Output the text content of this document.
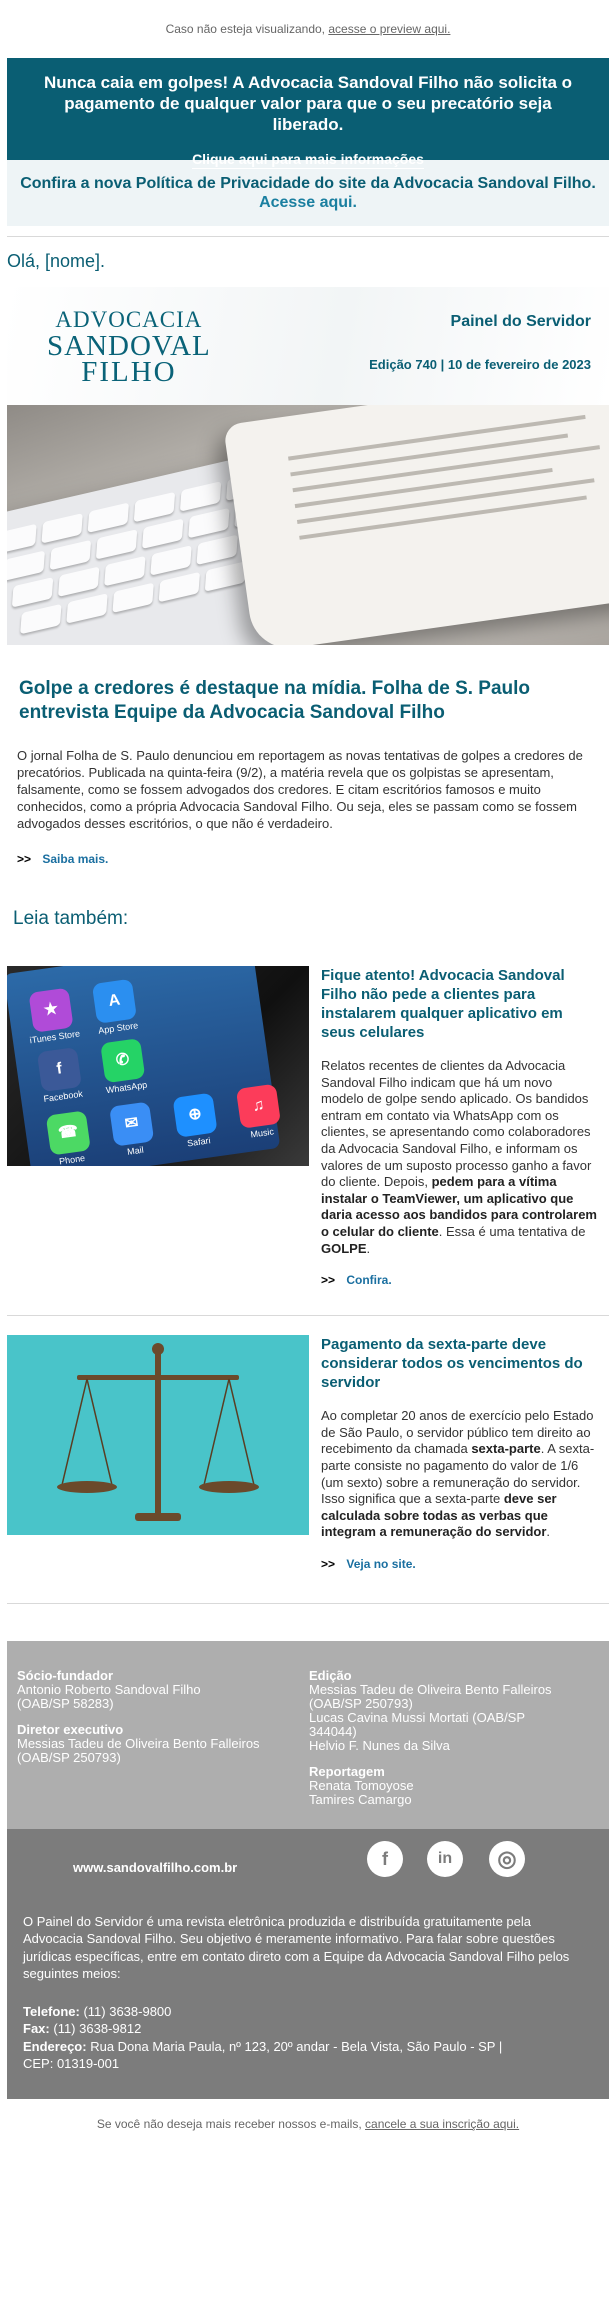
Caso não esteja visualizando, acesse o preview aqui.
Nunca caia em golpes! A Advocacia Sandoval Filho não solicita o pagamento de qualquer valor para que o seu precatório seja liberado.
Clique aqui para mais informações
Confira a nova Política de Privacidade do site da Advocacia Sandoval Filho.
Acesse aqui.
Olá, [nome].
ADVOCACIA
SANDOVAL
FILHO
Painel do Servidor
Edição 740 | 10 de fevereiro de 2023
Golpe a credores é destaque na mídia. Folha de S. Paulo entrevista Equipe da Advocacia Sandoval Filho
O jornal Folha de S. Paulo denunciou em reportagem as novas tentativas de golpes a credores de precatórios. Publicada na quinta-feira (9/2), a matéria revela que os golpistas se apresentam, falsamente, como se fossem advogados dos credores. E citam escritórios famosos e muito conhecidos, como a própria Advocacia Sandoval Filho. Ou seja, eles se passam como se fossem advogados desses escritórios, o que não é verdadeiro.
>> Saiba mais.
Leia também:
★
iTunes Store
A
App Store
f
Facebook
✆
WhatsApp
☎
Phone
✉
Mail
⊕
Safari
♫
Music
Fique atento! Advocacia Sandoval Filho não pede a clientes para instalarem qualquer aplicativo em seus celulares
Relatos recentes de clientes da Advocacia Sandoval Filho indicam que há um novo modelo de golpe sendo aplicado. Os bandidos entram em contato via WhatsApp com os clientes, se apresentando como colaboradores da Advocacia Sandoval Filho, e informam os valores de um suposto processo ganho a favor do cliente. Depois, pedem para a vítima instalar o TeamViewer, um aplicativo que daria acesso aos bandidos para controlarem o celular do cliente. Essa é uma tentativa de GOLPE.
>> Confira.
Pagamento da sexta-parte deve considerar todos os vencimentos do servidor
Ao completar 20 anos de exercício pelo Estado de São Paulo, o servidor público tem direito ao recebimento da chamada sexta-parte. A sexta-parte consiste no pagamento do valor de 1/6 (um sexto) sobre a remuneração do servidor. Isso significa que a sexta-parte deve ser calculada sobre todas as verbas que integram a remuneração do servidor.
>> Veja no site.
Sócio-fundador
Antonio Roberto Sandoval Filho
(OAB/SP 58283)
Diretor executivo
Messias Tadeu de Oliveira Bento Falleiros
(OAB/SP 250793)
Edição
Messias Tadeu de Oliveira Bento Falleiros
(OAB/SP 250793)
Lucas Cavina Mussi Mortati (OAB/SP
344044)
Helvio F. Nunes da Silva
Reportagem
Renata Tomoyose
Tamires Camargo
www.sandovalfilho.com.br	f	in	◎
O Painel do Servidor é uma revista eletrônica produzida e distribuída gratuitamente pela Advocacia Sandoval Filho. Seu objetivo é meramente informativo. Para falar sobre questões jurídicas específicas, entre em contato direto com a Equipe da Advocacia Sandoval Filho pelos seguintes meios:
Telefone: (11) 3638-9800
Fax: (11) 3638-9812
Endereço: Rua Dona Maria Paula, nº 123, 20º andar - Bela Vista, São Paulo - SP |
CEP: 01319-001
Se você não deseja mais receber nossos e-mails, cancele a sua inscrição aqui.
